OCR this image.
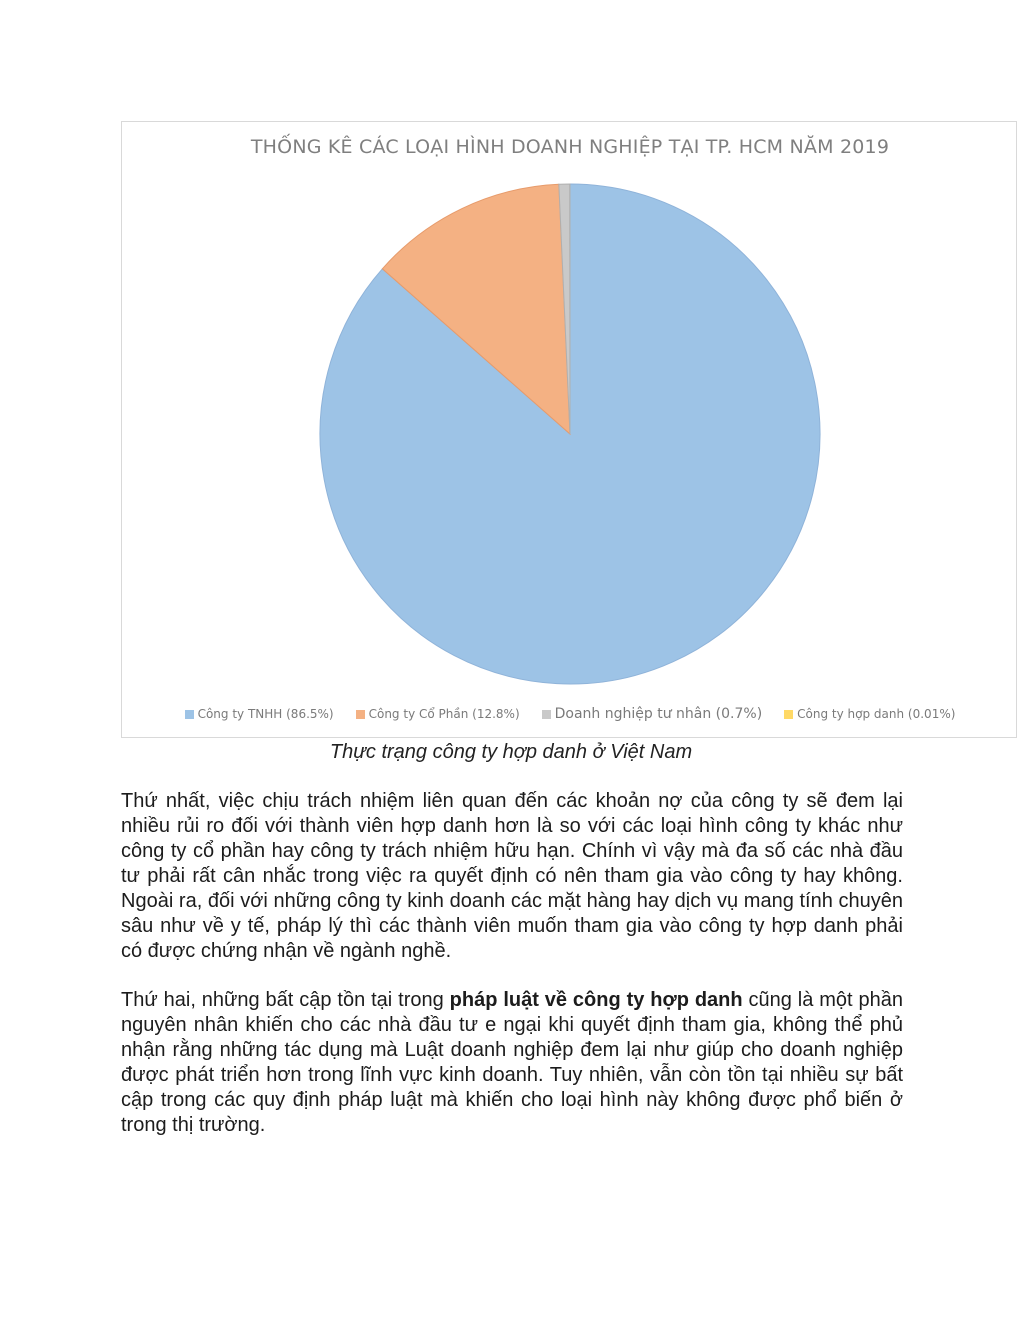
THỐNG KÊ CÁC LOẠI HÌNH DOANH NGHIỆP TẠI TP. HCM NĂM 2019
Công ty TNHH (86.5%)	Công ty Cổ Phần (12.8%)	Doanh nghiệp tư nhân (0.7%)	Công ty hợp danh (0.01%)
Thực trạng công ty hợp danh ở Việt Nam

Thứ nhất, việc chịu trách nhiệm liên quan đến các khoản nợ của công ty sẽ đem lại nhiều rủi ro đối với thành viên hợp danh hơn là so với các loại hình công ty khác như công ty cổ phần hay công ty trách nhiệm hữu hạn. Chính vì vậy mà đa số các nhà đầu tư phải rất cân nhắc trong việc ra quyết định có nên tham gia vào công ty hay không. Ngoài ra, đối với những công ty kinh doanh các mặt hàng hay dịch vụ mang tính chuyên sâu như về y tế, pháp lý thì các thành viên muốn tham gia vào công ty hợp danh phải có được chứng nhận về ngành nghề.

Thứ hai, những bất cập tồn tại trong pháp luật về công ty hợp danh cũng là một phần nguyên nhân khiến cho các nhà đầu tư e ngại khi quyết định tham gia, không thể phủ nhận rằng những tác dụng mà Luật doanh nghiệp đem lại như giúp cho doanh nghiệp được phát triển hơn trong lĩnh vực kinh doanh. Tuy nhiên, vẫn còn tồn tại nhiều sự bất cập trong các quy định pháp luật mà khiến cho loại hình này không được phổ biến ở trong thị trường.
